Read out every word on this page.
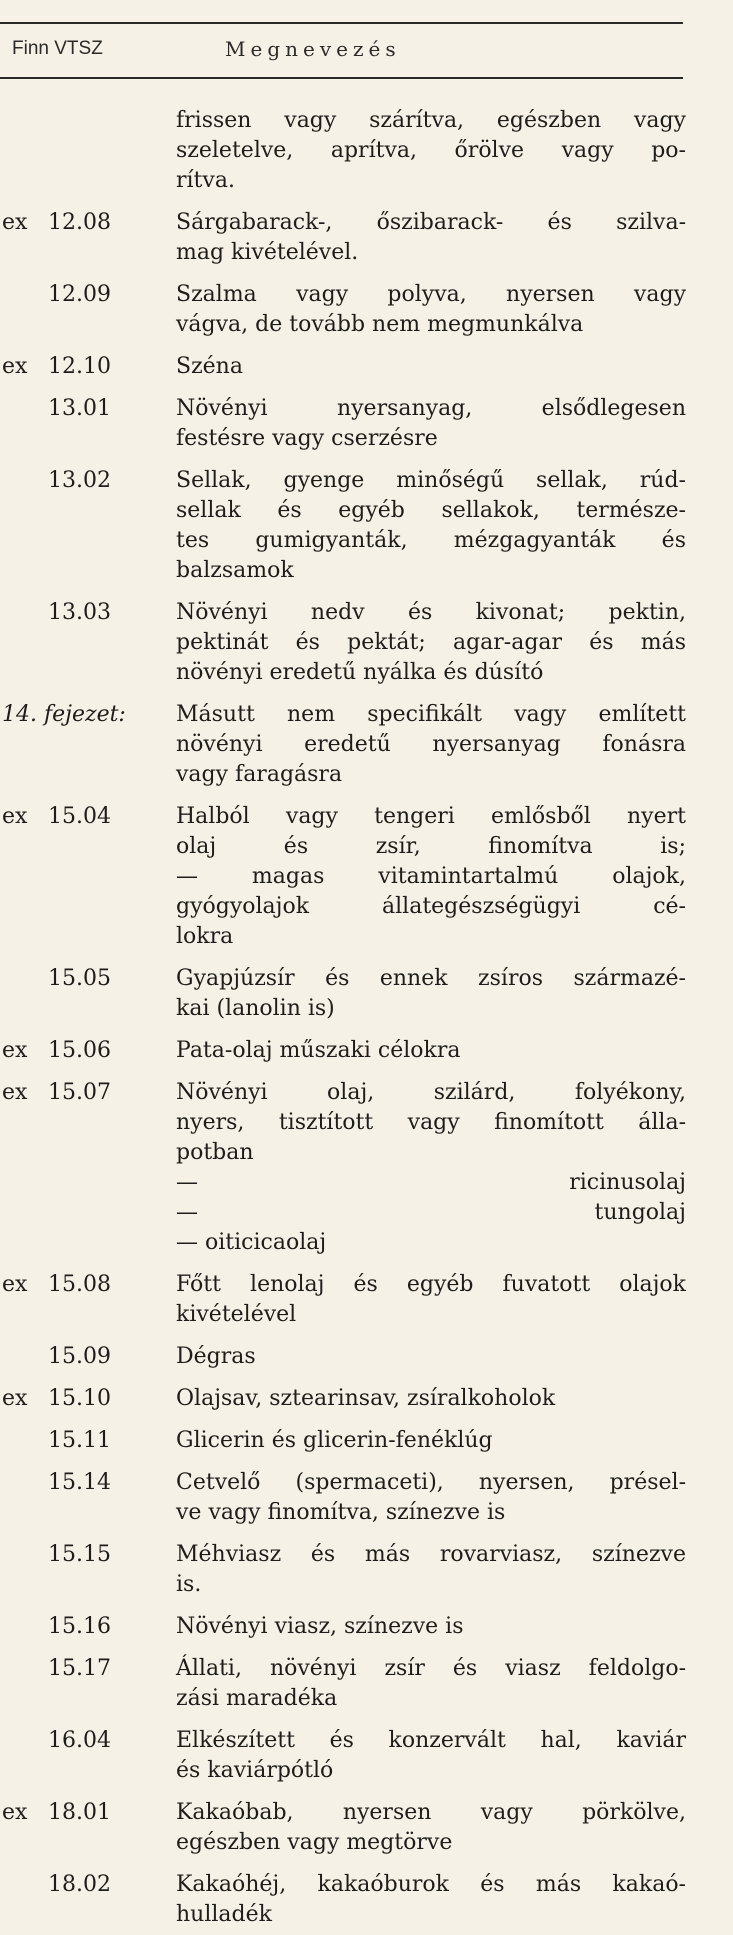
Finn VTSZ	Megnevezés
frissen vagy szárítva, egészben vagy
szeletelve, aprítva, őrölve vagy po-
rítva.
ex 12.08	Sárgabarack-, őszibarack- és szilva-
mag kivételével.
12.09	Szalma vagy polyva, nyersen vagy
vágva, de tovább nem megmunkálva
ex 12.10	Széna
13.01	Növényi nyersanyag, elsődlegesen
festésre vagy cserzésre
13.02	Sellak, gyenge minőségű sellak, rúd-
sellak és egyéb sellakok, természe-
tes gumigyanták, mézgagyanták és
balzsamok
13.03	Növényi nedv és kivonat; pektin,
pektinát és pektát; agar-agar és más
növényi eredetű nyálka és dúsító
14. fejezet:	Másutt nem specifikált vagy említett
növényi eredetű nyersanyag fonásra
vagy faragásra
ex 15.04	Halból vagy tengeri emlősből nyert
olaj és zsír, finomítva is;
— magas vitamintartalmú olajok,
gyógyolajok állategészségügyi cé-
lokra
15.05	Gyapjúzsír és ennek zsíros származé-
kai (lanolin is)
ex 15.06	Pata-olaj műszaki célokra
ex 15.07	Növényi olaj, szilárd, folyékony,
nyers, tisztított vagy finomított álla-
potban
— ricinusolaj
— tungolaj
— oiticicaolaj
ex 15.08	Főtt lenolaj és egyéb fuvatott olajok
kivételével
15.09	Dégras
ex 15.10	Olajsav, sztearinsav, zsíralkoholok
15.11	Glicerin és glicerin-fenéklúg
15.14	Cetvelő (spermaceti), nyersen, présel-
ve vagy finomítva, színezve is
15.15	Méhviasz és más rovarviasz, színezve
is.
15.16	Növényi viasz, színezve is
15.17	Állati, növényi zsír és viasz feldolgo-
zási maradéka
16.04	Elkészített és konzervált hal, kaviár
és kaviárpótló
ex 18.01	Kakaóbab, nyersen vagy pörkölve,
egészben vagy megtörve
18.02	Kakaóhéj, kakaóburok és más kakaó-
hulladék
